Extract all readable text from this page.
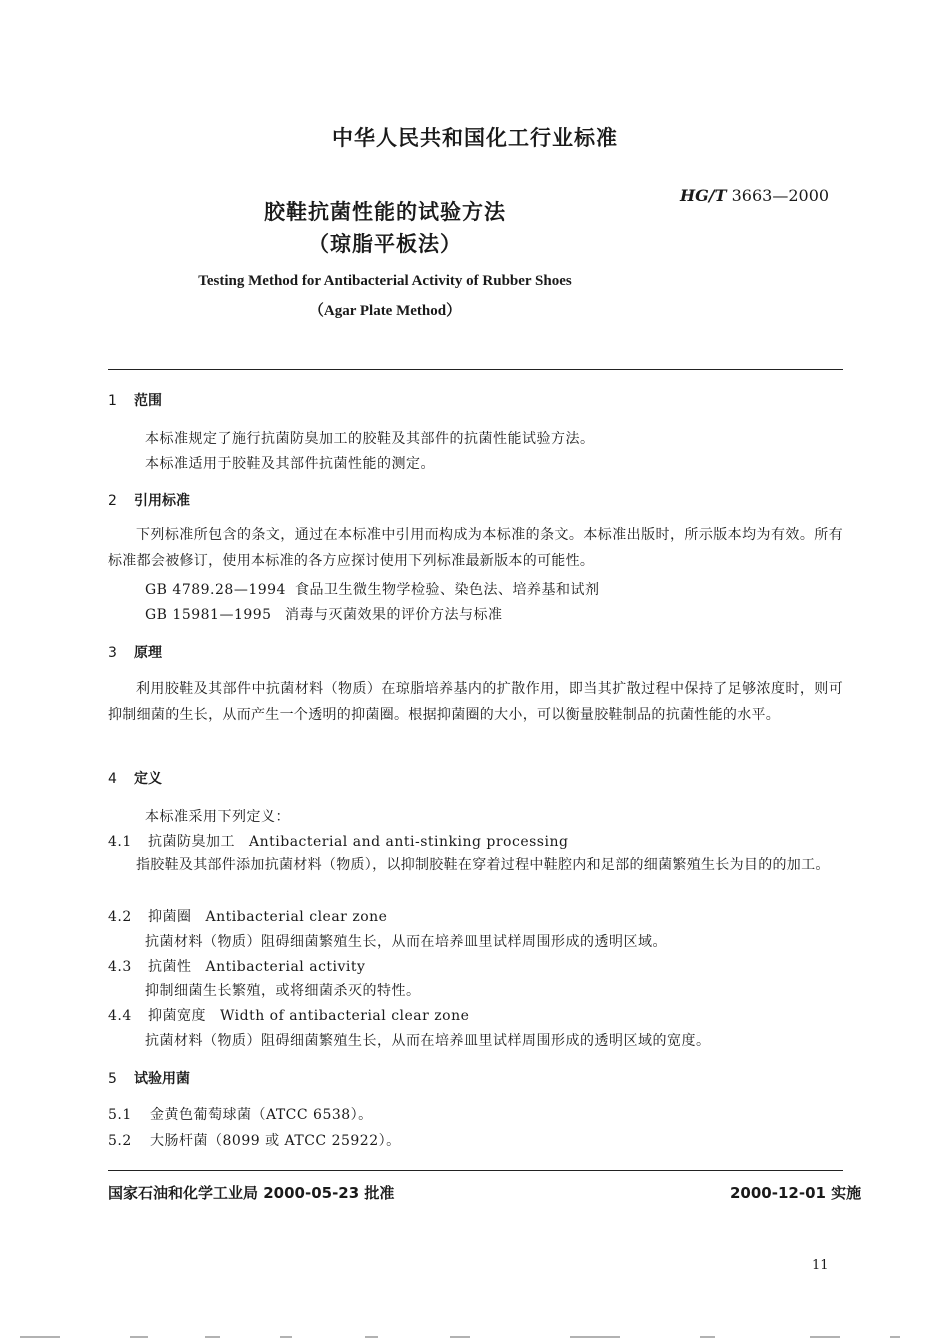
中华人民共和国化工行业标准
HG/T 3663—2000
胶鞋抗菌性能的试验方法
（琼脂平板法）
Testing Method for Antibacterial Activity of Rubber Shoes
（Agar Plate Method）
1 范围
本标准规定了施行抗菌防臭加工的胶鞋及其部件的抗菌性能试验方法。
本标准适用于胶鞋及其部件抗菌性能的测定。
2 引用标准
下列标准所包含的条文，通过在本标准中引用而构成为本标准的条文。本标准出版时，所示版本均为有效。所有标准都会被修订，使用本标准的各方应探讨使用下列标准最新版本的可能性。
GB 4789.28—1994 食品卫生微生物学检验、染色法、培养基和试剂
GB 15981—1995 消毒与灭菌效果的评价方法与标准
3 原理
利用胶鞋及其部件中抗菌材料（物质）在琼脂培养基内的扩散作用，即当其扩散过程中保持了足够浓度时，则可抑制细菌的生长，从而产生一个透明的抑菌圈。根据抑菌圈的大小，可以衡量胶鞋制品的抗菌性能的水平。
4 定义
本标准采用下列定义：
4.1 抗菌防臭加工 Antibacterial and anti-stinking processing
指胶鞋及其部件添加抗菌材料（物质），以抑制胶鞋在穿着过程中鞋腔内和足部的细菌繁殖生长为目的的加工。
4.2 抑菌圈 Antibacterial clear zone
抗菌材料（物质）阻碍细菌繁殖生长，从而在培养皿里试样周围形成的透明区域。
4.3 抗菌性 Antibacterial activity
抑制细菌生长繁殖，或将细菌杀灭的特性。
4.4 抑菌宽度 Width of antibacterial clear zone
抗菌材料（物质）阻碍细菌繁殖生长，从而在培养皿里试样周围形成的透明区域的宽度。
5 试验用菌
5.1 金黄色葡萄球菌（ATCC 6538）。
5.2 大肠杆菌（8099 或 ATCC 25922）。
国家石油和化学工业局 2000-05-23 批准	2000-12-01 实施
11
